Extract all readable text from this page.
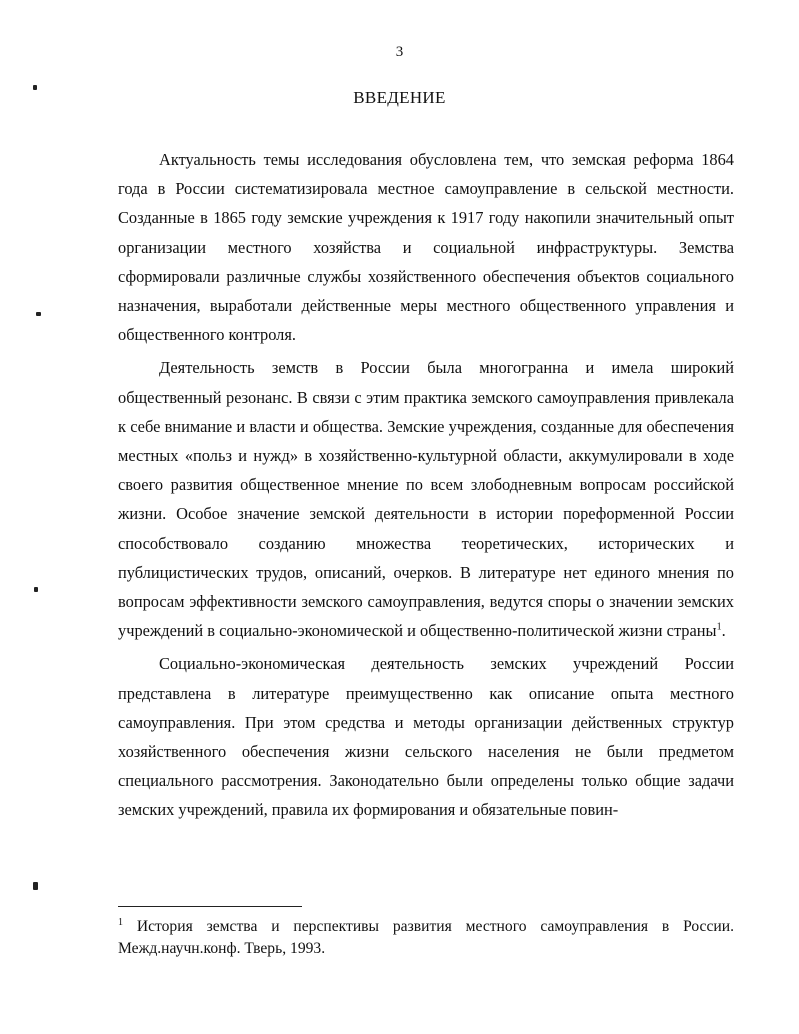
3
ВВЕДЕНИЕ

Актуальность темы исследования обусловлена тем, что земская реформа 1864 года в России систематизировала местное самоуправление в сельской местности. Созданные в 1865 году земские учреждения к 1917 году накопили значительный опыт организации местного хозяйства и социальной инфраструктуры. Земства сформировали различные службы хозяйственного обеспечения объектов социального назначения, выработали действенные меры местного общественного управления и общественного контроля.

Деятельность земств в России была многогранна и имела широкий общественный резонанс. В связи с этим практика земского самоуправления привлекала к себе внимание и власти и общества. Земские учреждения, созданные для обеспечения местных «польз и нужд» в хозяйственно-культурной области, аккумулировали в ходе своего развития общественное мнение по всем злободневным вопросам российской жизни. Особое значение земской деятельности в истории пореформенной России способствовало созданию множества теоретических, исторических и публицистических трудов, описаний, очерков. В литературе нет единого мнения по вопросам эффективности земского самоуправления, ведутся споры о значении земских учреждений в социально-экономической и общественно-политической жизни страны$^1$.

Социально-экономическая деятельность земских учреждений России представлена в литературе преимущественно как описание опыта местного самоуправления. При этом средства и методы организации действенных структур хозяйственного обеспечения жизни сельского населения не были предметом специального рассмотрения. Законодательно были определены только общие задачи земских учреждений, правила их формирования и обязательные повин-

$^1$ История земства и перспективы развития местного самоуправления в России. Межд.научн.конф. Тверь, 1993.
